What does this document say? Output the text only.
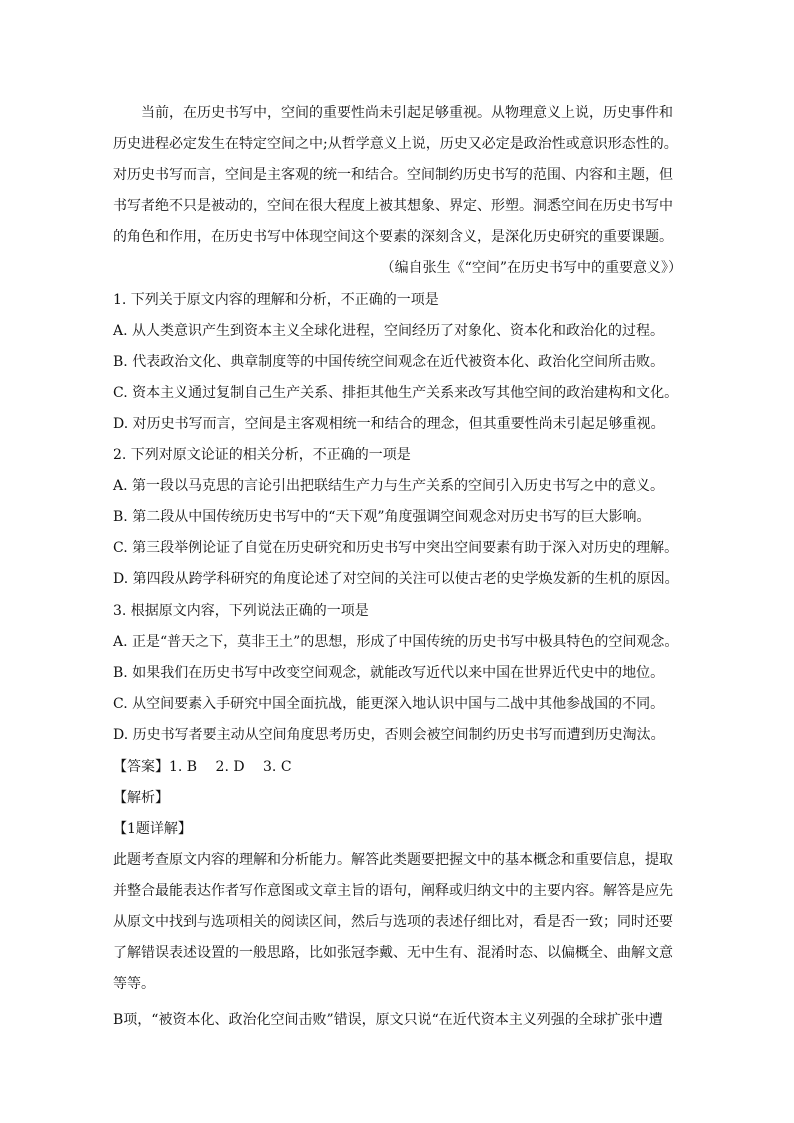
当前，在历史书写中，空间的重要性尚未引起足够重视。从物理意义上说，历史事件和
历史进程必定发生在特定空间之中;从哲学意义上说，历史又必定是政治性或意识形态性的。
对历史书写而言，空间是主客观的统一和结合。空间制约历史书写的范围、内容和主题，但
书写者绝不只是被动的，空间在很大程度上被其想象、界定、形塑。洞悉空间在历史书写中
的角色和作用，在历史书写中体现空间这个要素的深刻含义，是深化历史研究的重要课题。
（编自张生《“空间”在历史书写中的重要意义》）
1. 下列关于原文内容的理解和分析，不正确的一项是
A. 从人类意识产生到资本主义全球化进程，空间经历了对象化、资本化和政治化的过程。
B. 代表政治文化、典章制度等的中国传统空间观念在近代被资本化、政治化空间所击败。
C. 资本主义通过复制自己生产关系、排拒其他生产关系来改写其他空间的政治建构和文化。
D. 对历史书写而言，空间是主客观相统一和结合的理念，但其重要性尚未引起足够重视。
2. 下列对原文论证的相关分析，不正确的一项是
A. 第一段以马克思的言论引出把联结生产力与生产关系的空间引入历史书写之中的意义。
B. 第二段从中国传统历史书写中的“天下观”角度强调空间观念对历史书写的巨大影响。
C. 第三段举例论证了自觉在历史研究和历史书写中突出空间要素有助于深入对历史的理解。
D. 第四段从跨学科研究的角度论述了对空间的关注可以使古老的史学焕发新的生机的原因。
3. 根据原文内容，下列说法正确的一项是
A. 正是“普天之下，莫非王土”的思想，形成了中国传统的历史书写中极具特色的空间观念。
B. 如果我们在历史书写中改变空间观念，就能改写近代以来中国在世界近代史中的地位。
C. 从空间要素入手研究中国全面抗战，能更深入地认识中国与二战中其他参战国的不同。
D. 历史书写者要主动从空间角度思考历史，否则会被空间制约历史书写而遭到历史淘汰。
【答案】1. B　 2. D　 3. C
【解析】
【1题详解】
此题考查原文内容的理解和分析能力。解答此类题要把握文中的基本概念和重要信息，提取
并整合最能表达作者写作意图或文章主旨的语句，阐释或归纳文中的主要内容。解答是应先
从原文中找到与选项相关的阅读区间，然后与选项的表述仔细比对，看是否一致；同时还要
了解错误表述设置的一般思路，比如张冠李戴、无中生有、混淆时态、以偏概全、曲解文意
等等。
B项，“被资本化、政治化空间击败”错误，原文只说“在近代资本主义列强的全球扩张中遭
